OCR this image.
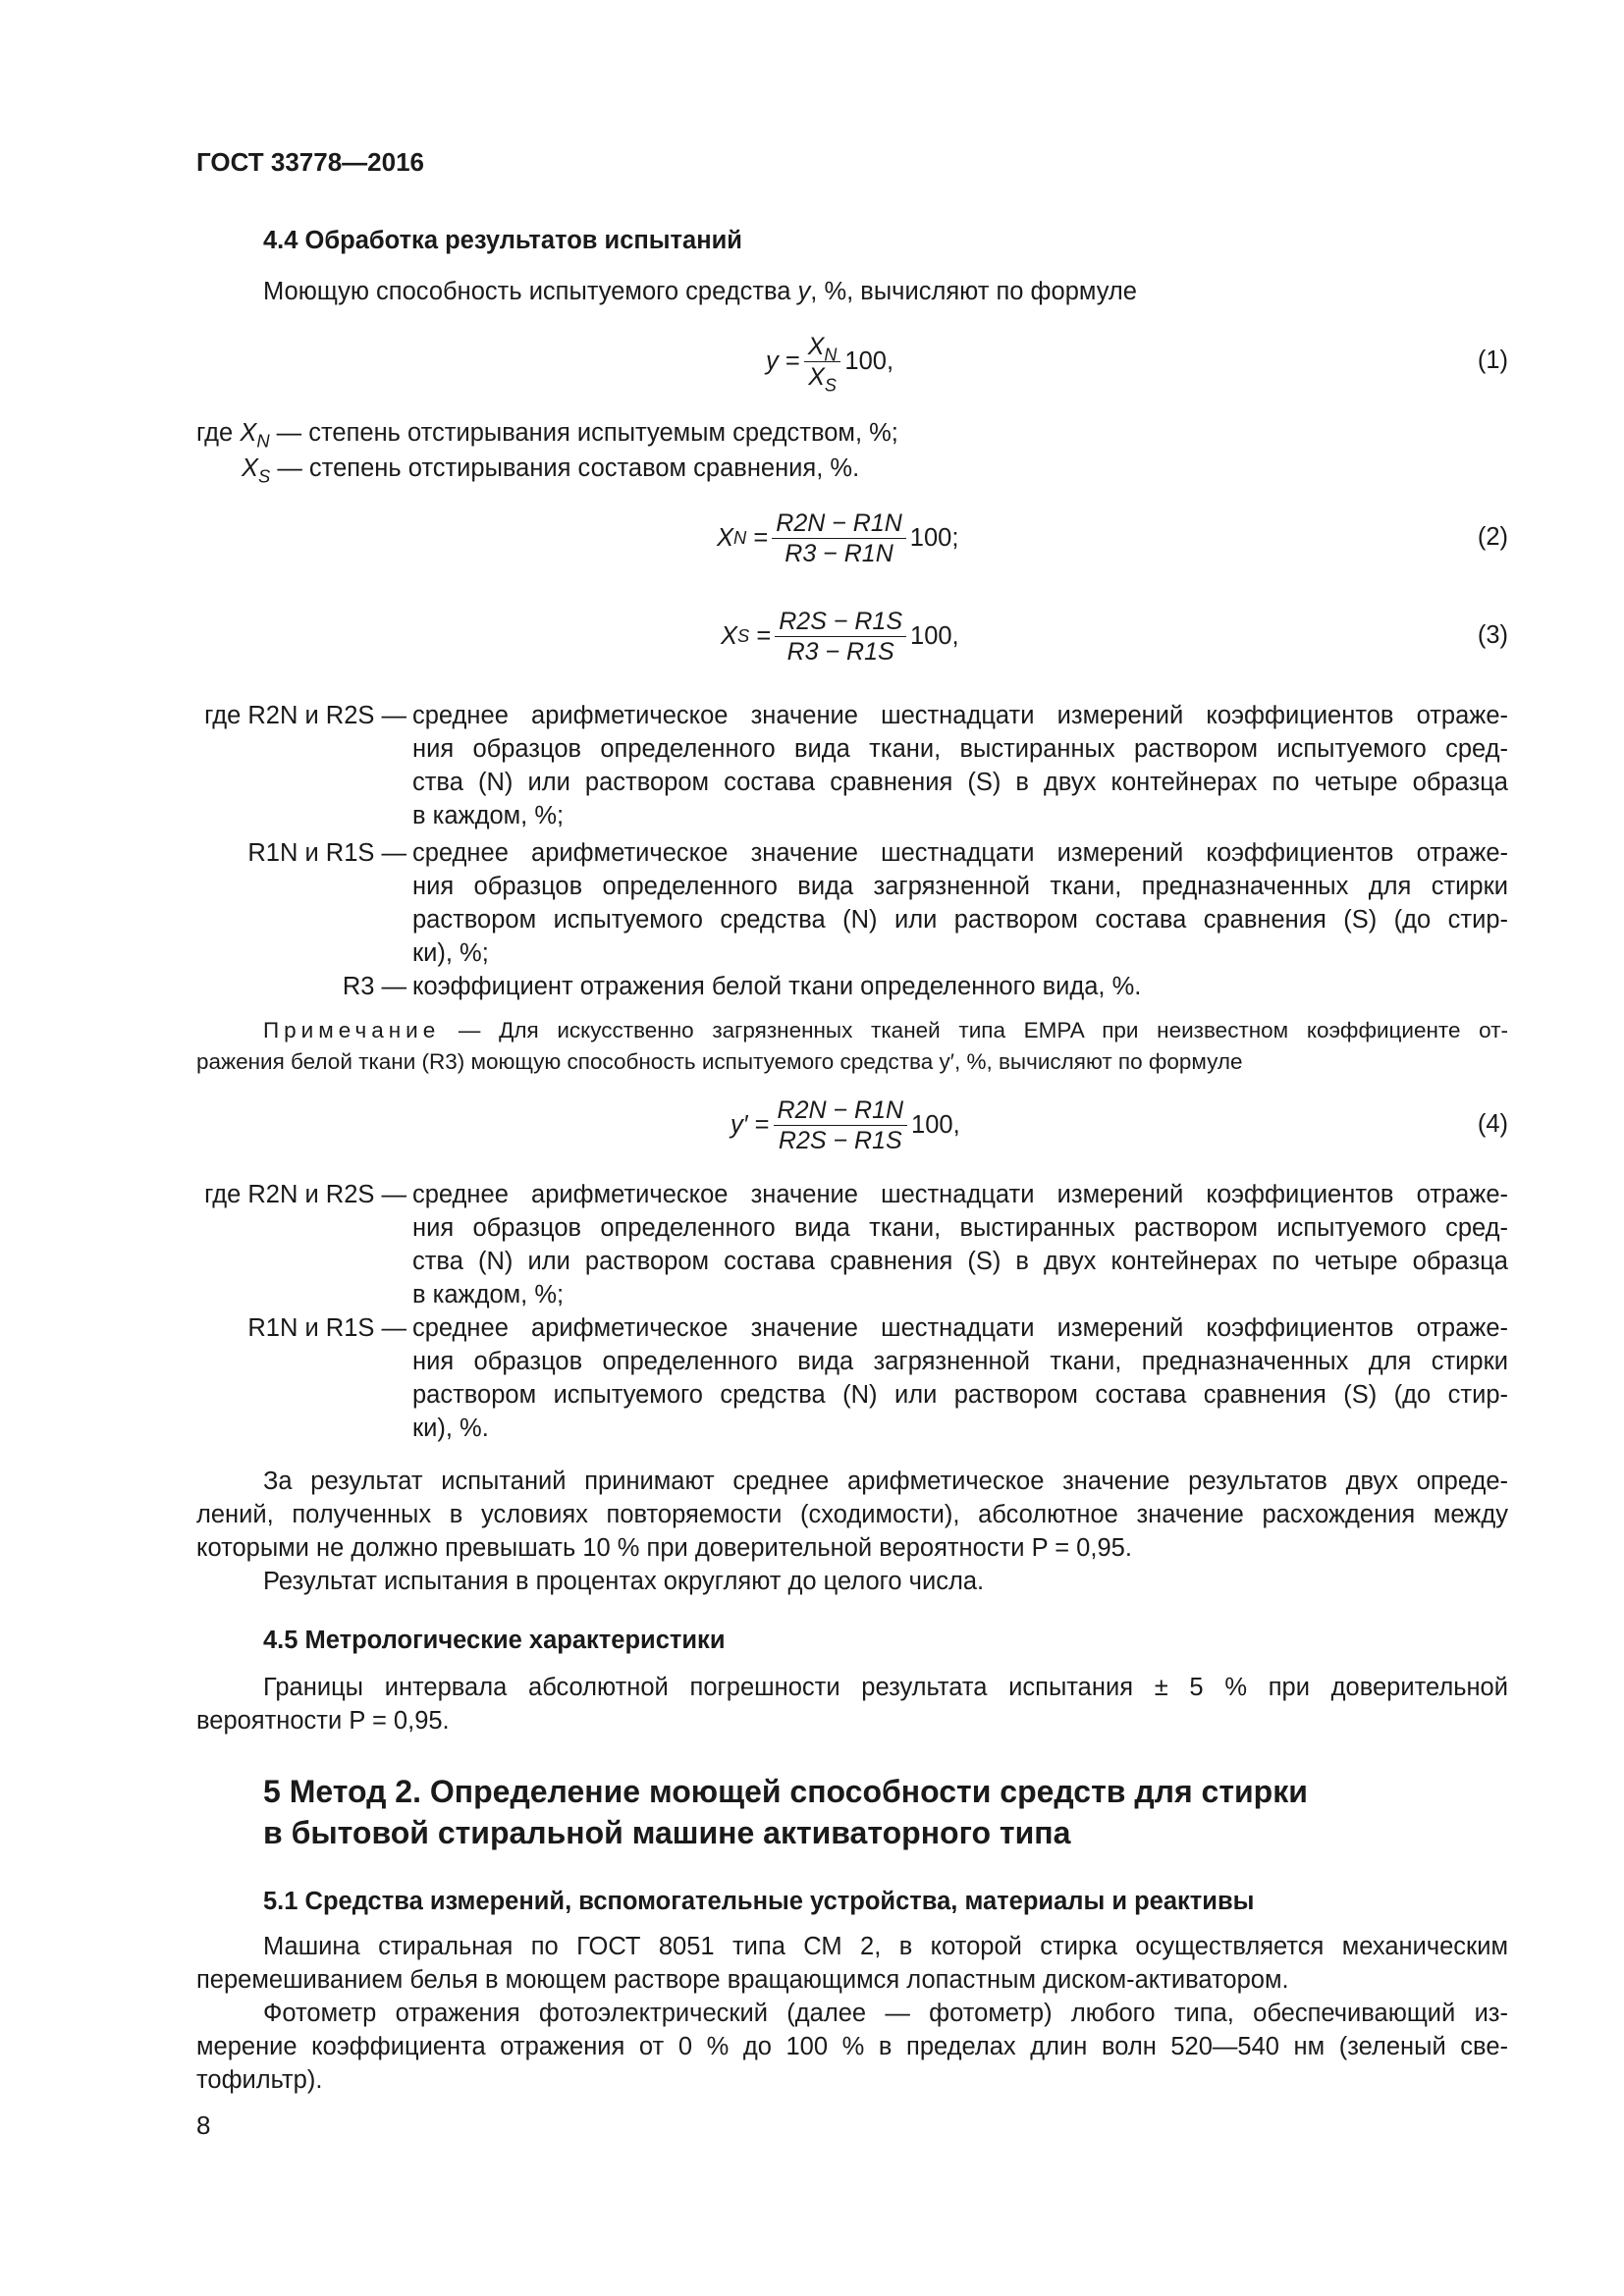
ГОСТ 33778—2016
4.4 Обработка результатов испытаний
Моющую способность испытуемого средства y, %, вычисляют по формуле
$y = \frac{X_N}{X_S} 100$,	(1)
где $X_N$ — степень отстирывания испытуемым средством, %;
$X_S$ — степень отстирывания составом сравнения, %.
X $N = \frac{R2N - R1N}{R3 - R1N} 100$;	(2)
X $S = \frac{R2S - R1S}{R3 - R1S} 100$,	(3)
где R2N и R2S — среднее арифметическое значение шестнадцати измерений коэффициентов отраже-
ния образцов определенного вида ткани, выстиранных раствором испытуемого сред-
ства (N) или раствором состава сравнения (S) в двух контейнерах по четыре образца
в каждом, %;
R1N и R1S — среднее арифметическое значение шестнадцати измерений коэффициентов отраже-
ния образцов определенного вида загрязненной ткани, предназначенных для стирки
раствором испытуемого средства (N) или раствором состава сравнения (S) (до стир-
ки), %;
R3 — коэффициент отражения белой ткани определенного вида, %.
Примечание — Для искусственно загрязненных тканей типа EMPA при неизвестном коэффициенте от-
ражения белой ткани (R3) моющую способность испытуемого средства y′, %, вычисляют по формуле
$y' = \frac{R2N - R1N}{R2S - R1S} 100$,	(4)
где R2N и R2S — среднее арифметическое значение шестнадцати измерений коэффициентов отраже-
ния образцов определенного вида ткани, выстиранных раствором испытуемого сред-
ства (N) или раствором состава сравнения (S) в двух контейнерах по четыре образца
в каждом, %;
R1N и R1S — среднее арифметическое значение шестнадцати измерений коэффициентов отраже-
ния образцов определенного вида загрязненной ткани, предназначенных для стирки
раствором испытуемого средства (N) или раствором состава сравнения (S) (до стир-
ки), %.
За результат испытаний принимают среднее арифметическое значение результатов двух опреде-
лений, полученных в условиях повторяемости (сходимости), абсолютное значение расхождения между
которыми не должно превышать 10 % при доверительной вероятности P = 0,95.
Результат испытания в процентах округляют до целого числа.
4.5 Метрологические характеристики
Границы интервала абсолютной погрешности результата испытания ± 5 % при доверительной
вероятности P = 0,95.
5 Метод 2. Определение моющей способности средств для стирки
в бытовой стиральной машине активаторного типа
5.1 Средства измерений, вспомогательные устройства, материалы и реактивы
Машина стиральная по ГОСТ 8051 типа СМ 2, в которой стирка осуществляется механическим
перемешиванием белья в моющем растворе вращающимся лопастным диском-активатором.
Фотометр отражения фотоэлектрический (далее — фотометр) любого типа, обеспечивающий из-
мерение коэффициента отражения от 0 % до 100 % в пределах длин волн 520—540 нм (зеленый све-
тофильтр).
8
